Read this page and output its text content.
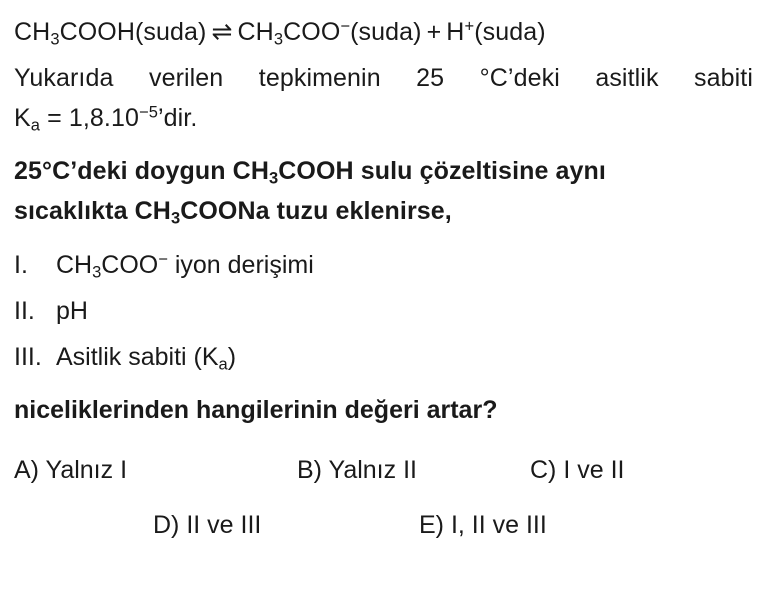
$CH_3COOH(suda)$ ⇌ $CH_3COO^-(suda)$ + H+(suda)
Yukarıda verilen tepkimenin 25 °C’deki asitlik sabiti
$K_a$ = $1,8.10^{-5}’dir$.
25°C’deki doygun $CH_3COOH$ sulu çözeltisine aynı
sıcaklıkta $CH_3COONa$ tuzu eklenirse,
I.	$CH_3COO^-$ iyon derişimi
II. pH
III. Asitlik sabiti $(K_a)$
niceliklerinden hangilerinin değeri artar?
A) Yalnız I	B) Yalnız II	C) I ve II
D) II ve III	E) I, II ve III
